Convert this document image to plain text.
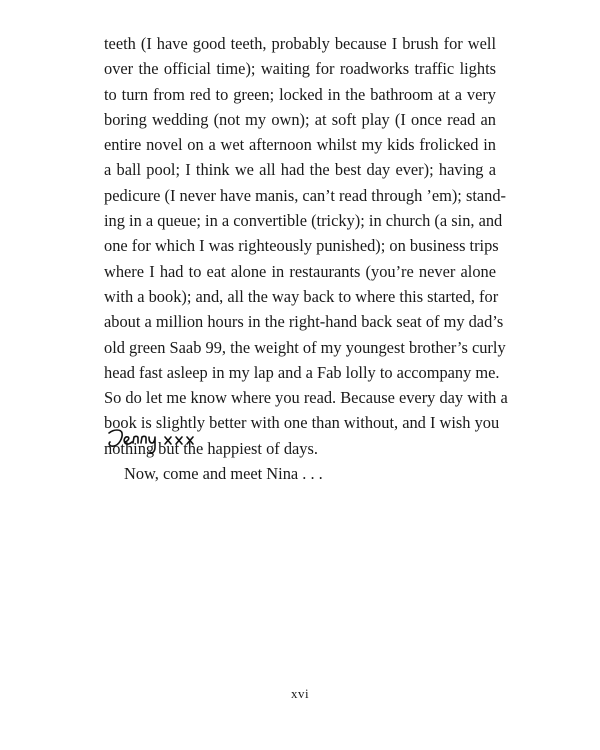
teeth (I have good teeth, probably because I brush for well
over the official time); waiting for roadworks traffic lights
to turn from red to green; locked in the bathroom at a very
boring wedding (not my own); at soft play (I once read an
entire novel on a wet afternoon whilst my kids frolicked in
a ball pool; I think we all had the best day ever); having a
pedicure (I never have manis, can’t read through ’em); stand-
ing in a queue; in a convertible (tricky); in church (a sin, and
one for which I was righteously punished); on business trips
where I had to eat alone in restaurants (you’re never alone
with a book); and, all the way back to where this started, for
about a million hours in the right-hand back seat of my dad’s
old green Saab 99, the weight of my youngest brother’s curly
head fast asleep in my lap and a Fab lolly to accompany me.
So do let me know where you read. Because every day with a
book is slightly better with one than without, and I wish you
nothing but the happiest of days.
Now, come and meet Nina . . .
xvi
